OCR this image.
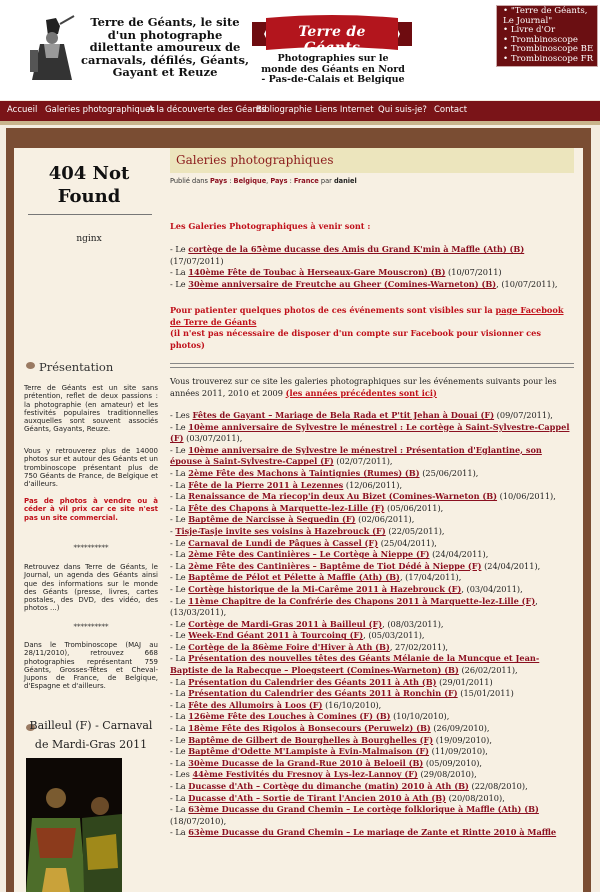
Terre de Géants, le site d'un photographe dilettante amoureux de carnavals, défilés, Géants, Gayant et Reuze
Terre de Géants
Photographies sur le monde des Géants en Nord - Pas-de-Calais et Belgique
• "Terre de Géants, Le Journal"
• Livre d'Or
• Trombinoscope
• Trombinoscope BE
• Trombinoscope FR
Accueil Galeries photographiques
A la découverte des Géants
Bibliographie Liens Internet Qui suis-je? Contact
404 Not
Found
nginx
Présentation
Terre de Géants est un site sans prétention, reflet de deux passions : la photographie (en amateur) et les festivités populaires traditionnelles auxquelles sont souvent associés Géants, Gayants, Reuze.
Vous y retrouverez plus de 14000 photos sur et autour des Géants et un trombinoscope présentant plus de 750 Géants de France, de Belgique et d'ailleurs.
Pas de photos à vendre ou à céder à vil prix car ce site n'est pas un site commercial.
**********
Retrouvez dans Terre de Géants, le Journal, un agenda des Géants ainsi que des informations sur le monde des Géants (presse, livres, cartes postales, des DVD, des vidéo, des photos ...)
**********
Dans le Trombinoscope (MAJ au 28/11/2010), retrouvez 668 photographies représentant 759 Géants, Grosses-Têtes et Cheval-Jupons de France, de Belgique, d'Espagne et d'ailleurs.
Bailleul (F) - Carnaval de Mardi-Gras 2011
Galeries photographiques
Publié dans Pays : Belgique, Pays : France par daniel
Les Galeries Photographiques à venir sont :
- Le cortège de la 65ème ducasse des Amis du Grand K'min à Maffle (Ath) (B) (17/07/2011)
- La 140ème Fête de Toubac à Herseaux-Gare Mouscron) (B) (10/07/2011)
- Le 30ème anniversaire de Freutche au Gheer (Comines-Warneton) (B), (10/07/2011),
Pour patienter quelques photos de ces événements sont visibles sur la page Facebook de Terre de Géants
(il n'est pas nécessaire de disposer d'un compte sur Facebook pour visionner ces photos)
Vous trouverez sur ce site les galeries photographiques sur les événements suivants pour les années 2011, 2010 et 2009 (les années précédentes sont ici)
- Les Fêtes de Gayant – Mariage de Bela Rada et P'tit Jehan à Douai (F) (09/07/2011),
- Le 10ème anniversaire de Sylvestre le ménestrel : Le cortège à Saint-Sylvestre-Cappel (F) (03/07/2011),
- Le 10ème anniversaire de Sylvestre le ménestrel : Présentation d'Eglantine, son épouse à Saint-Sylvestre-Cappel (F) (02/07/2011),
- La 2ème Fête des Machons à Taintignies (Rumes) (B) (25/06/2011),
- La Fête de la Pierre 2011 à Lezennes (12/06/2011),
- La Renaissance de Ma riecop'in deux Au Bizet (Comines-Warneton (B) (10/06/2011),
- La Fête des Chapons à Marquette-lez-Lille (F) (05/06/2011),
- Le Baptême de Narcisse à Sequedin (F) (02/06/2011),
- Tisje-Tasje invite ses voisins à Hazebrouck (F) (22/05/2011),
- Le Carnaval de Lundi de Pâques à Cassel (F) (25/04/2011),
- La 2ème Fête des Cantinières – Le Cortège à Nieppe (F) (24/04/2011),
- La 2ème Fête des Cantinières – Baptême de Tiot Dédé à Nieppe (F) (24/04/2011),
- Le Baptême de Pélot et Pélette à Maffle (Ath) (B), (17/04/2011),
- Le Cortège historique de la Mi-Carême 2011 à Hazebrouck (F), (03/04/2011),
- Le 11ème Chapitre de la Confrérie des Chapons 2011 à Marquette-lez-Lille (F), (13/03/2011),
- Le Cortège de Mardi-Gras 2011 à Bailleul (F), (08/03/2011),
- Le Week-End Géant 2011 à Tourcoing (F), (05/03/2011),
- Le Cortège de la 86ème Foire d'Hiver à Ath (B), 27/02/2011),
- La Présentation des nouvelles têtes des Géants Mélanie de la Muncque et Jean-Baptiste de la Rabecque – Ploegsteert (Comines-Warneton) (B) (26/02/2011),
- La Présentation du Calendrier des Géants 2011 à Ath (B) (29/01/2011)
- La Présentation du Calendrier des Géants 2011 à Ronchin (F) (15/01/2011)
- La Fête des Allumoirs à Loos (F) (16/10/2010),
- La 126ème Fête des Louches à Comines (F) (B) (10/10/2010),
- La 18ème Fête des Rigolos à Bonsecours (Peruwelz) (B) (26/09/2010),
- Le Baptême de Gilbert de Bourghelles à Bourghelles (F) (19/09/2010),
- Le Baptême d'Odette M'Lampiste à Evin-Malmaison (F) (11/09/2010),
- La 30ème Ducasse de la Grand-Rue 2010 à Beloeil (B) (05/09/2010),
- Les 44ème Festivités du Fresnoy à Lys-lez-Lannoy (F) (29/08/2010),
- La Ducasse d'Ath – Cortège du dimanche (matin) 2010 à Ath (B) (22/08/2010),
- La Ducasse d'Ath – Sortie de Tirant l'Ancien 2010 à Ath (B) (20/08/2010),
- La 63ème Ducasse du Grand Chemin – Le cortège folklorique à Maffle (Ath) (B) (18/07/2010),
- La 63ème Ducasse du Grand Chemin – Le mariage de Zante et Rintte 2010 à Maffle
